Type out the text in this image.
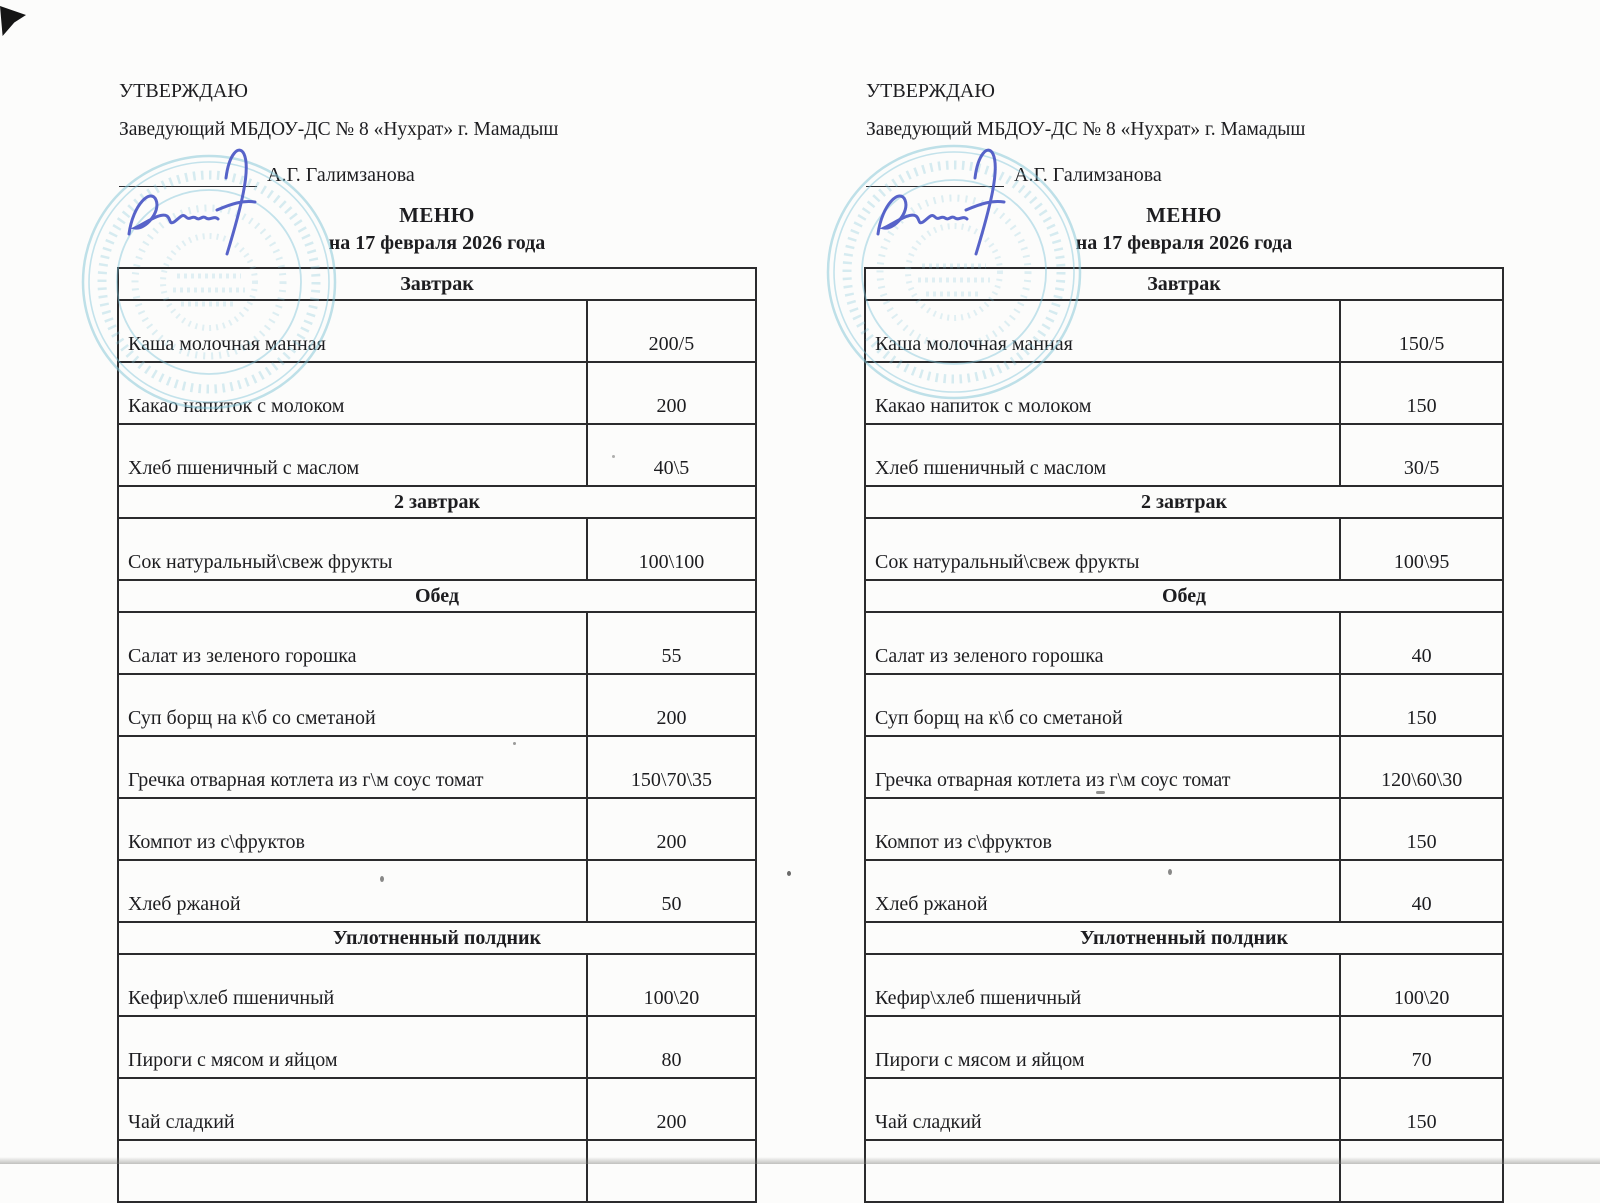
УТВЕРЖДАЮ
Заведующий МБДОУ-ДС № 8 «Нухрат» г. Мамадыш
А.Г. Галимзанова
МЕНЮ
на 17 февраля 2026 года
Завтрак	
Каша молочная манная	200/5
Какао напиток с молоком	200
Хлеб пшеничный с маслом	40\5
2 завтрак	
Сок натуральный\свеж фрукты	100\100
Обед	
Салат из зеленого горошка	55
Суп борщ на к\б со сметаной	200
Гречка отварная котлета из г\м соус томат	150\70\35
Компот из с\фруктов	200
Хлеб ржаной	50
Уплотненный полдник	
Кефир\хлеб пшеничный	100\20
Пироги с мясом и яйцом	80
Чай сладкий	200

УТВЕРЖДАЮ
Заведующий МБДОУ-ДС № 8 «Нухрат» г. Мамадыш
А.Г. Галимзанова
МЕНЮ
на 17 февраля 2026 года
Завтрак	
Каша молочная манная	150/5
Какао напиток с молоком	150
Хлеб пшеничный с маслом	30/5
2 завтрак	
Сок натуральный\свеж фрукты	100\95
Обед	
Салат из зеленого горошка	40
Суп борщ на к\б со сметаной	150
Гречка отварная котлета из г\м соус томат	120\60\30
Компот из с\фруктов	150
Хлеб ржаной	40
Уплотненный полдник	
Кефир\хлеб пшеничный	100\20
Пироги с мясом и яйцом	70
Чай сладкий	150
